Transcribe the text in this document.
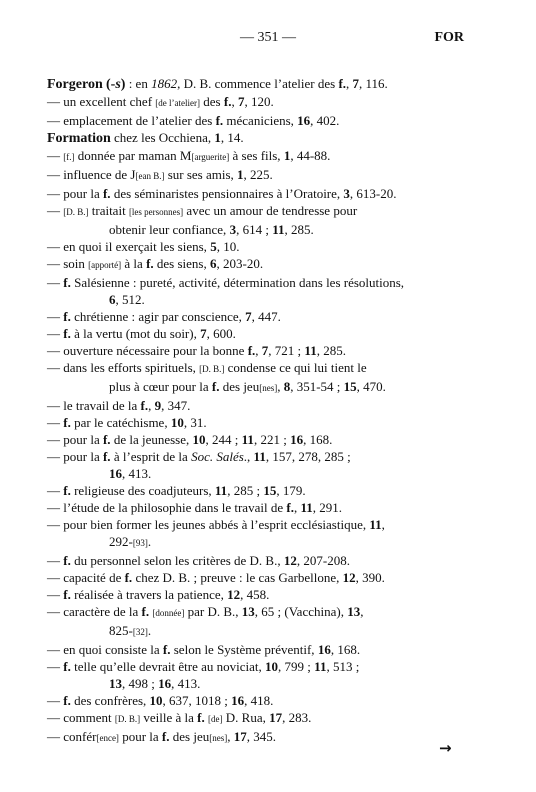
— 351 —	FOR
Forgeron (-s) : en 1862, D. B. commence l’atelier des f., 7, 116.
— un excellent chef [de l’atelier] des f., 7, 120.
— emplacement de l’atelier des f. mécaniciens, 16, 402.
Formation chez les Occhiena, 1, 14.
— [f.] donnée par maman M[arguerite] à ses fils, 1, 44-88.
— influence de J[ean B.] sur ses amis, 1, 225.
— pour la f. des séminaristes pensionnaires à l’Oratoire, 3, 613-20.
— [D. B.] traitait [les personnes] avec un amour de tendresse pour
obtenir leur confiance, 3, 614 ; 11, 285.
— en quoi il exerçait les siens, 5, 10.
— soin [apporté] à la f. des siens, 6, 203-20.
— f. Salésienne : pureté, activité, détermination dans les résolutions,
6, 512.
— f. chrétienne : agir par conscience, 7, 447.
— f. à la vertu (mot du soir), 7, 600.
— ouverture nécessaire pour la bonne f., 7, 721 ; 11, 285.
— dans les efforts spirituels, [D. B.] condense ce qui lui tient le
plus à cœur pour la f. des jeu[nes], 8, 351-54 ; 15, 470.
— le travail de la f., 9, 347.
— f. par le catéchisme, 10, 31.
— pour la f. de la jeunesse, 10, 244 ; 11, 221 ; 16, 168.
— pour la f. à l’esprit de la Soc. Salés., 11, 157, 278, 285 ;
16, 413.
— f. religieuse des coadjuteurs, 11, 285 ; 15, 179.
— l’étude de la philosophie dans le travail de f., 11, 291.
— pour bien former les jeunes abbés à l’esprit ecclésiastique, 11,
292-[93].
— f. du personnel selon les critères de D. B., 12, 207-208.
— capacité de f. chez D. B. ; preuve : le cas Garbellone, 12, 390.
— f. réalisée à travers la patience, 12, 458.
— caractère de la f. [donnée] par D. B., 13, 65 ; (Vacchina), 13,
825-[32].
— en quoi consiste la f. selon le Système préventif, 16, 168.
— f. telle qu’elle devrait être au noviciat, 10, 799 ; 11, 513 ;
13, 498 ; 16, 413.
— f. des confrères, 10, 637, 1018 ; 16, 418.
— comment [D. B.] veille à la f. [de] D. Rua, 17, 283.
— confér[ence] pour la f. des jeu[nes], 17, 345.
→
